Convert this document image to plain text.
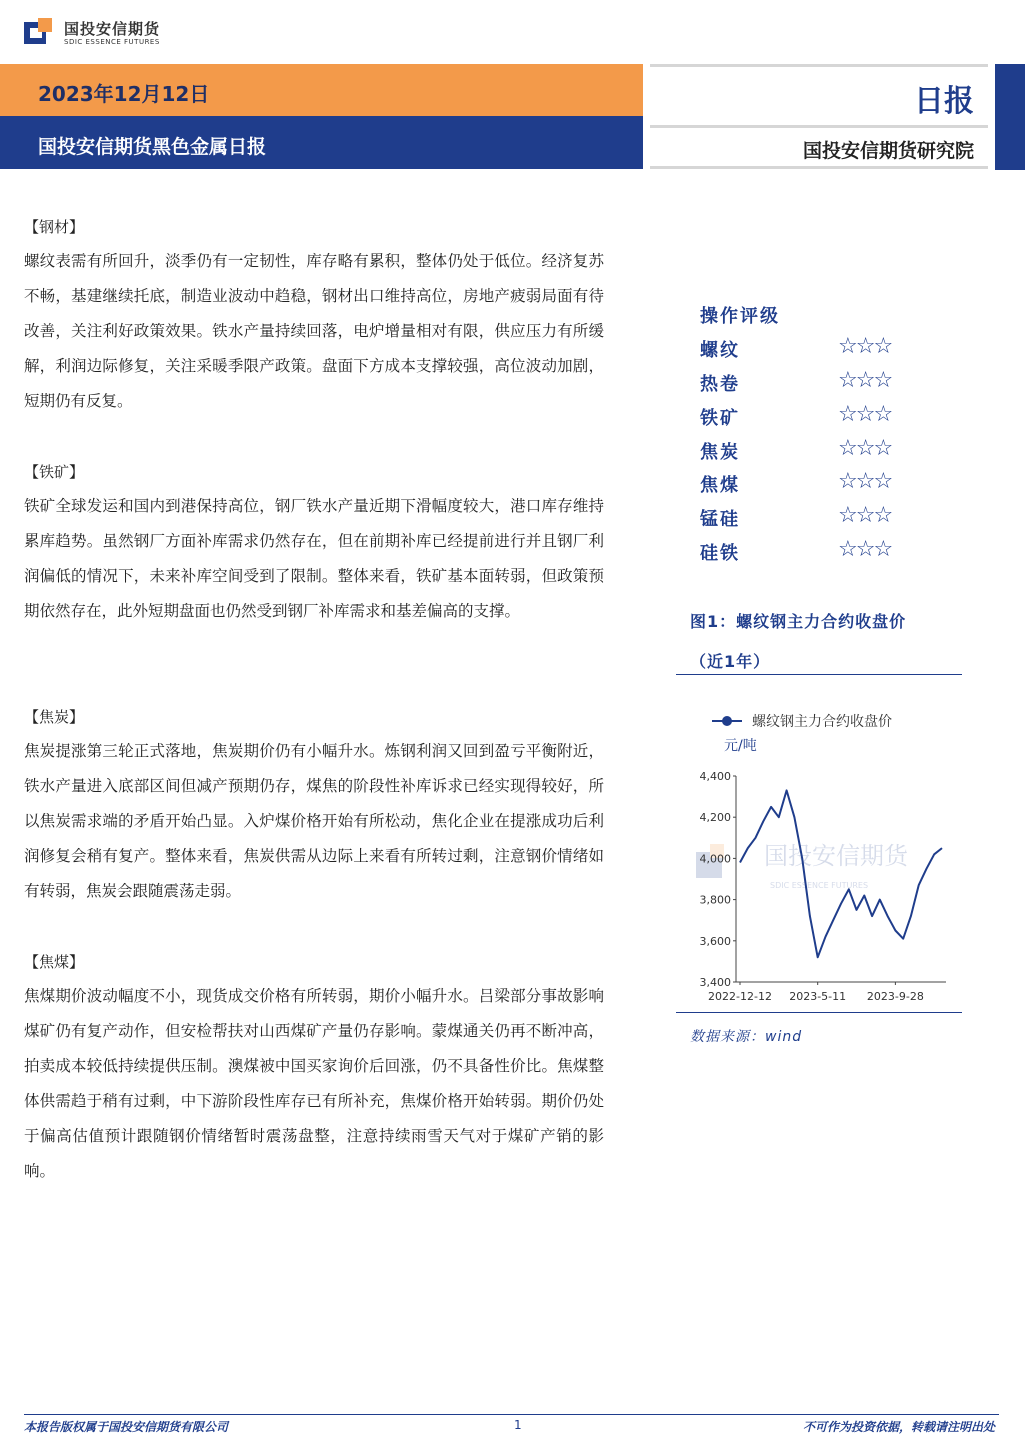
国投安信期货
SDIC ESSENCE FUTURES
2023年12月12日
国投安信期货黑色金属日报
日报
国投安信期货研究院
【钢材】
螺纹表需有所回升，淡季仍有一定韧性，库存略有累积，整体仍处于低位。经济复苏不畅，基建继续托底，制造业波动中趋稳，钢材出口维持高位，房地产疲弱局面有待改善，关注利好政策效果。铁水产量持续回落，电炉增量相对有限，供应压力有所缓解，利润边际修复，关注采暖季限产政策。盘面下方成本支撑较强，高位波动加剧，短期仍有反复。
【铁矿】
铁矿全球发运和国内到港保持高位，钢厂铁水产量近期下滑幅度较大，港口库存维持累库趋势。虽然钢厂方面补库需求仍然存在，但在前期补库已经提前进行并且钢厂利润偏低的情况下，未来补库空间受到了限制。整体来看，铁矿基本面转弱，但政策预期依然存在，此外短期盘面也仍然受到钢厂补库需求和基差偏高的支撑。
【焦炭】
焦炭提涨第三轮正式落地，焦炭期价仍有小幅升水。炼钢利润又回到盈亏平衡附近，铁水产量进入底部区间但减产预期仍存，煤焦的阶段性补库诉求已经实现得较好，所以焦炭需求端的矛盾开始凸显。入炉煤价格开始有所松动，焦化企业在提涨成功后利润修复会稍有复产。整体来看，焦炭供需从边际上来看有所转过剩，注意钢价情绪如有转弱，焦炭会跟随震荡走弱。
【焦煤】
焦煤期价波动幅度不小，现货成交价格有所转弱，期价小幅升水。吕梁部分事故影响煤矿仍有复产动作，但安检帮扶对山西煤矿产量仍存影响。蒙煤通关仍再不断冲高，拍卖成本较低持续提供压制。澳煤被中国买家询价后回涨，仍不具备性价比。焦煤整体供需趋于稍有过剩，中下游阶段性库存已有所补充，焦煤价格开始转弱。期价仍处于偏高估值预计跟随钢价情绪暂时震荡盘整，注意持续雨雪天气对于煤矿产销的影响。
操作评级
螺纹	☆☆☆
热卷	☆☆☆
铁矿	☆☆☆
焦炭	☆☆☆
焦煤	☆☆☆
锰硅	☆☆☆
硅铁	☆☆☆
图1：螺纹钢主力合约收盘价
（近1年）
国投安信期货
SDIC ESSENCE FUTURES
螺纹钢主力合约收盘价
元/吨
3,400
3,600
3,800
4,000
4,200
4,400
2022-12-12 2023-5-11 2023-9-28
数据来源：wind
本报告版权属于国投安信期货有限公司	1	不可作为投资依据，转载请注明出处
